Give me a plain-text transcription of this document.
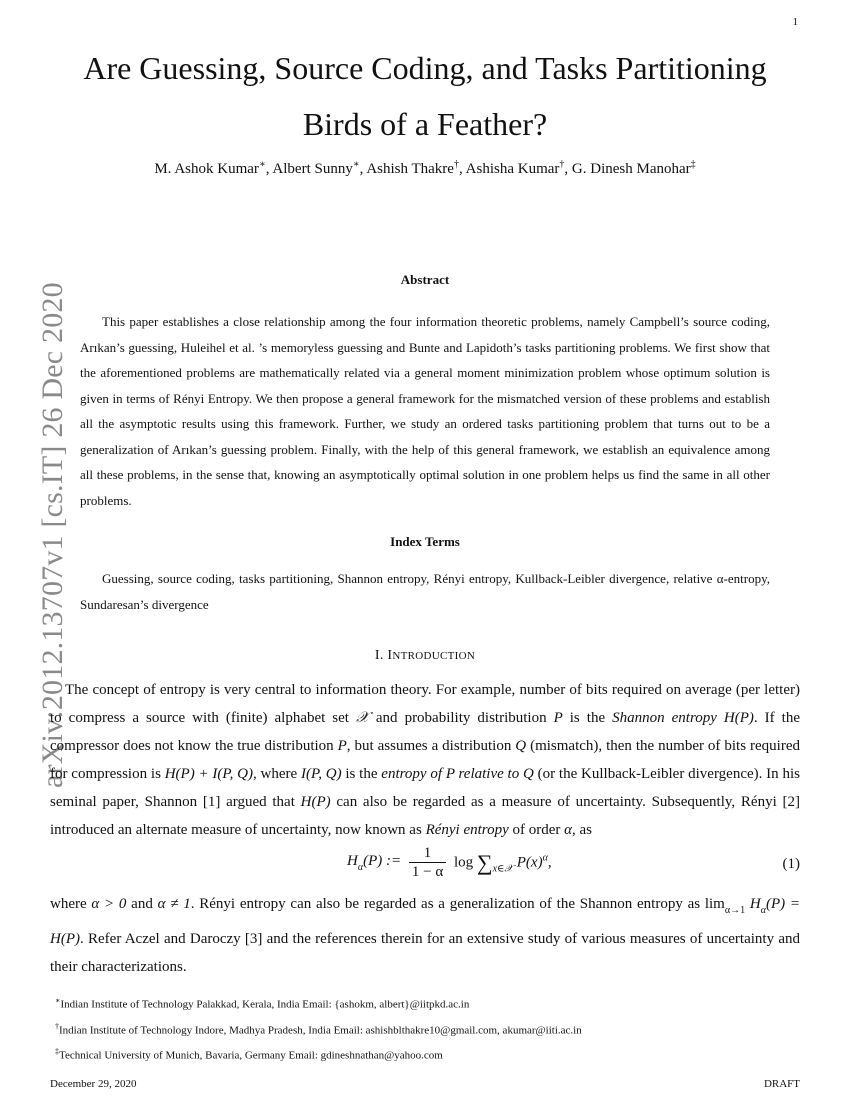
1
arXiv:2012.13707v1 [cs.IT] 26 Dec 2020
Are Guessing, Source Coding, and Tasks Partitioning
Birds of a Feather?
M. Ashok Kumar∗, Albert Sunny∗, Ashish Thakre†, Ashisha Kumar†, G. Dinesh Manohar‡
Abstract

This paper establishes a close relationship among the four information theoretic problems, namely Campbell’s source coding, Arıkan’s guessing, Huleihel et al. ’s memoryless guessing and Bunte and Lapidoth’s tasks partitioning problems. We first show that the aforementioned problems are mathematically related via a general moment minimization problem whose optimum solution is given in terms of Rényi Entropy. We then propose a general framework for the mismatched version of these problems and establish all the asymptotic results using this framework. Further, we study an ordered tasks partitioning problem that turns out to be a generalization of Arıkan’s guessing problem. Finally, with the help of this general framework, we establish an equivalence among all these problems, in the sense that, knowing an asymptotically optimal solution in one problem helps us find the same in all other problems.

Index Terms

Guessing, source coding, tasks partitioning, Shannon entropy, Rényi entropy, Kullback-Leibler divergence, relative α-entropy, Sundaresan’s divergence

I. INTRODUCTION

The concept of entropy is very central to information theory. For example, number of bits required on average (per letter) to compress a source with (finite) alphabet set 𝒳 and probability distribution P is the Shannon entropy H(P). If the compressor does not know the true distribution P, but assumes a distribution Q (mismatch), then the number of bits required for compression is H(P) + I(P, Q), where I(P, Q) is the entropy of P relative to Q (or the Kullback-Leibler divergence). In his seminal paper, Shannon [1] argued that H(P) can also be regarded as a measure of uncertainty. Subsequently, Rényi [2] introduced an alternate measure of uncertainty, now known as Rényi entropy of order α, as

$H_\alpha(P)$ := $\frac{1}{1 - \alpha}$ $\log \sum_{x\in 𝒳}$ $P(x)^\alpha$,	(1)

where α > 0 and α ≠ 1. Rényi entropy can also be regarded as a generalization of the Shannon entropy as $\lim_{\alpha\to 1} H_\alpha(P) = H(P)$. Refer Aczel and Daroczy [3] and the references therein for an extensive study of various measures of uncertainty and their characterizations.

∗Indian Institute of Technology Palakkad, Kerala, India Email: {ashokm, albert}@iitpkd.ac.in
†Indian Institute of Technology Indore, Madhya Pradesh, India Email: ashishblthakre10@gmail.com, akumar@iiti.ac.in
‡Technical University of Munich, Bavaria, Germany Email: gdineshnathan@yahoo.com
December 29, 2020	DRAFT
